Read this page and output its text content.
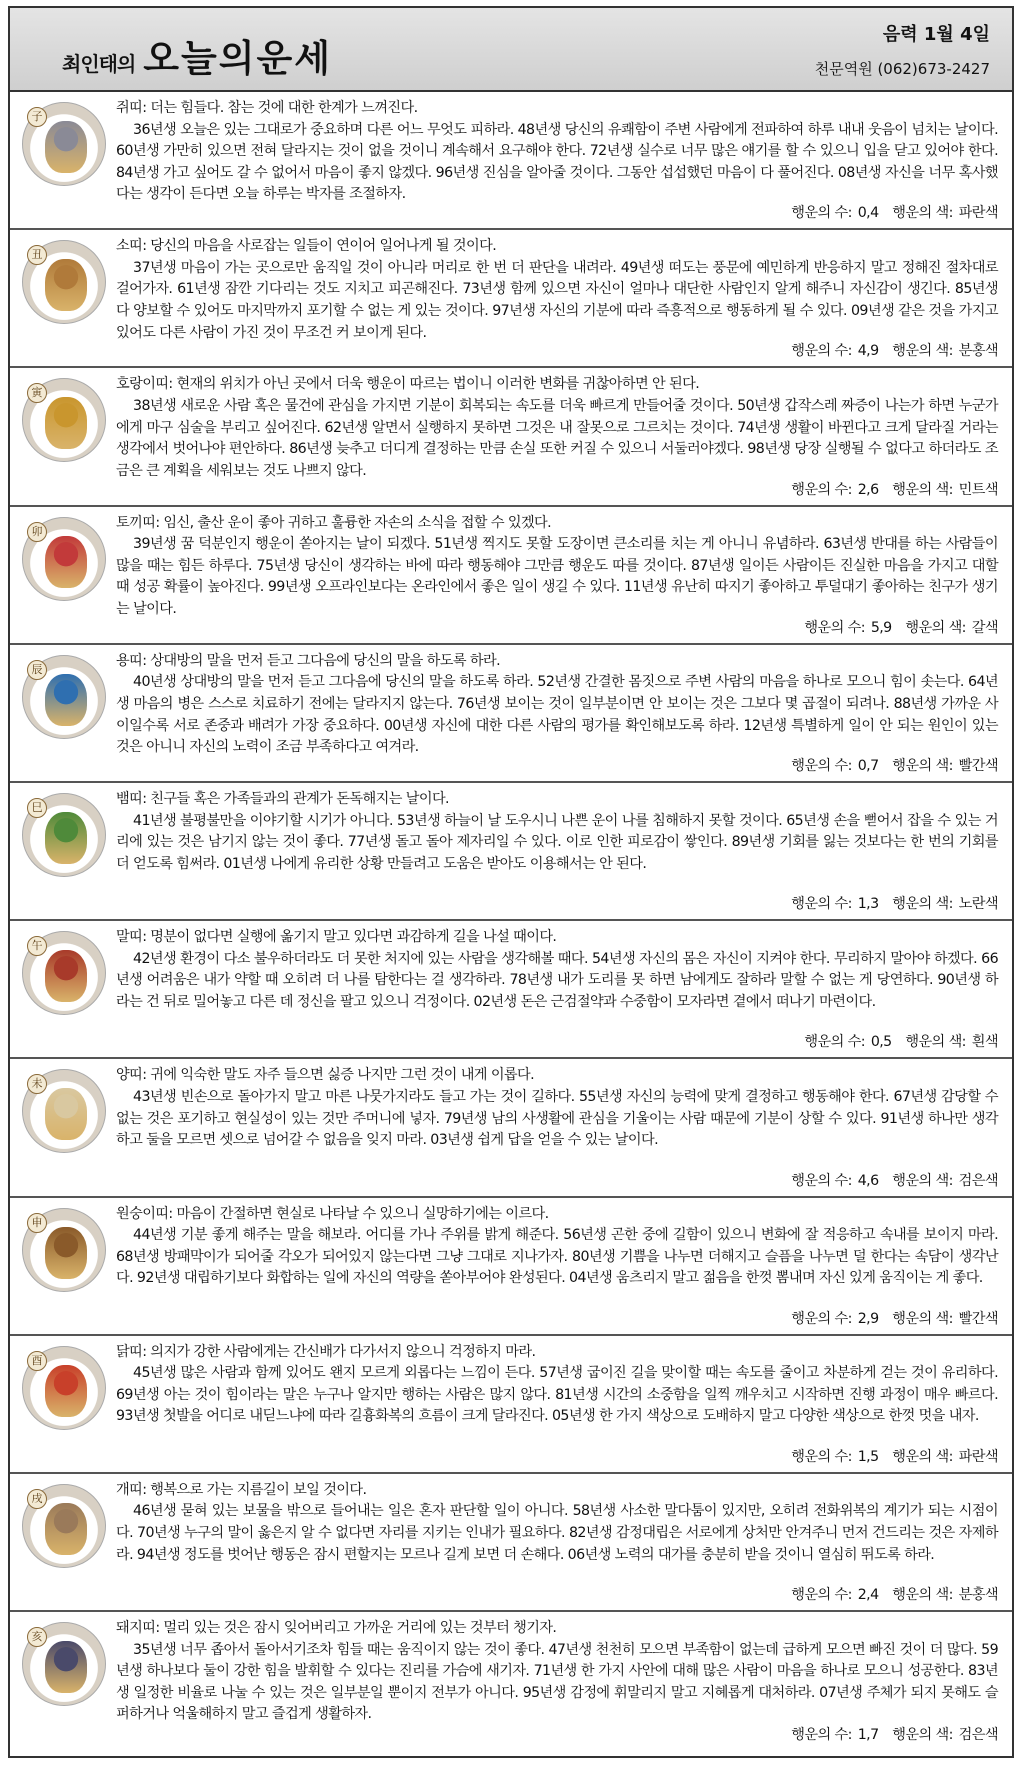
최인태의 오늘의운세
음력 1월 4일
천문역원 (062)673-2427
子
쥐띠: 더는 힘들다. 참는 것에 대한 한계가 느껴진다.
36년생 오늘은 있는 그대로가 중요하며 다른 어느 무엇도 피하라. 48년생 당신의 유쾌함이 주변 사람에게 전파하여 하루 내내 웃음이 넘치는 날이다. 60년생 가만히 있으면 전혀 달라지는 것이 없을 것이니 계속해서 요구해야 한다. 72년생 실수로 너무 많은 얘기를 할 수 있으니 입을 닫고 있어야 한다. 84년생 가고 싶어도 갈 수 없어서 마음이 좋지 않겠다. 96년생 진심을 알아줄 것이다. 그동안 섭섭했던 마음이 다 풀어진다. 08년생 자신을 너무 혹사했다는 생각이 든다면 오늘 하루는 박자를 조절하자.
행운의 수: 0,4 행운의 색: 파란색
丑
소띠: 당신의 마음을 사로잡는 일들이 연이어 일어나게 될 것이다.
37년생 마음이 가는 곳으로만 움직일 것이 아니라 머리로 한 번 더 판단을 내려라. 49년생 떠도는 풍문에 예민하게 반응하지 말고 정해진 절차대로 걸어가자. 61년생 잠깐 기다리는 것도 지치고 피곤해진다. 73년생 함께 있으면 자신이 얼마나 대단한 사람인지 알게 해주니 자신감이 생긴다. 85년생 다 양보할 수 있어도 마지막까지 포기할 수 없는 게 있는 것이다. 97년생 자신의 기분에 따라 즉흥적으로 행동하게 될 수 있다. 09년생 같은 것을 가지고 있어도 다른 사람이 가진 것이 무조건 커 보이게 된다.
행운의 수: 4,9 행운의 색: 분홍색
寅
호랑이띠: 현재의 위치가 아닌 곳에서 더욱 행운이 따르는 법이니 이러한 변화를 귀찮아하면 안 된다.
38년생 새로운 사람 혹은 물건에 관심을 가지면 기분이 회복되는 속도를 더욱 빠르게 만들어줄 것이다. 50년생 갑작스레 짜증이 나는가 하면 누군가에게 마구 심술을 부리고 싶어진다. 62년생 알면서 실행하지 못하면 그것은 내 잘못으로 그르치는 것이다. 74년생 생활이 바뀐다고 크게 달라질 거라는 생각에서 벗어나야 편안하다. 86년생 늦추고 더디게 결정하는 만큼 손실 또한 커질 수 있으니 서둘러야겠다. 98년생 당장 실행될 수 없다고 하더라도 조금은 큰 계획을 세워보는 것도 나쁘지 않다.
행운의 수: 2,6 행운의 색: 민트색
卯
토끼띠: 임신, 출산 운이 좋아 귀하고 훌륭한 자손의 소식을 접할 수 있겠다.
39년생 꿈 덕분인지 행운이 쏟아지는 날이 되겠다. 51년생 찍지도 못할 도장이면 큰소리를 치는 게 아니니 유념하라. 63년생 반대를 하는 사람들이 많을 때는 힘든 하루다. 75년생 당신이 생각하는 바에 따라 행동해야 그만큼 행운도 따를 것이다. 87년생 일이든 사람이든 진실한 마음을 가지고 대할 때 성공 확률이 높아진다. 99년생 오프라인보다는 온라인에서 좋은 일이 생길 수 있다. 11년생 유난히 따지기 좋아하고 투덜대기 좋아하는 친구가 생기는 날이다.
행운의 수: 5,9 행운의 색: 갈색
辰
용띠: 상대방의 말을 먼저 듣고 그다음에 당신의 말을 하도록 하라.
40년생 상대방의 말을 먼저 듣고 그다음에 당신의 말을 하도록 하라. 52년생 간결한 몸짓으로 주변 사람의 마음을 하나로 모으니 힘이 솟는다. 64년생 마음의 병은 스스로 치료하기 전에는 달라지지 않는다. 76년생 보이는 것이 일부분이면 안 보이는 것은 그보다 몇 곱절이 되려나. 88년생 가까운 사이일수록 서로 존중과 배려가 가장 중요하다. 00년생 자신에 대한 다른 사람의 평가를 확인해보도록 하라. 12년생 특별하게 일이 안 되는 원인이 있는 것은 아니니 자신의 노력이 조금 부족하다고 여겨라.
행운의 수: 0,7 행운의 색: 빨간색
巳
뱀띠: 친구들 혹은 가족들과의 관계가 돈독해지는 날이다.
41년생 불평불만을 이야기할 시기가 아니다. 53년생 하늘이 날 도우시니 나쁜 운이 나를 침해하지 못할 것이다. 65년생 손을 뻗어서 잡을 수 있는 거리에 있는 것은 남기지 않는 것이 좋다. 77년생 돌고 돌아 제자리일 수 있다. 이로 인한 피로감이 쌓인다. 89년생 기회를 잃는 것보다는 한 번의 기회를 더 얻도록 힘써라. 01년생 나에게 유리한 상황 만들려고 도움은 받아도 이용해서는 안 된다.
행운의 수: 1,3 행운의 색: 노란색
午
말띠: 명분이 없다면 실행에 옮기지 말고 있다면 과감하게 길을 나설 때이다.
42년생 환경이 다소 불우하더라도 더 못한 처지에 있는 사람을 생각해볼 때다. 54년생 자신의 몸은 자신이 지켜야 한다. 무리하지 말아야 하겠다. 66년생 어려움은 내가 약할 때 오히려 더 나를 탐한다는 걸 생각하라. 78년생 내가 도리를 못 하면 남에게도 잘하라 말할 수 없는 게 당연하다. 90년생 하라는 건 뒤로 밀어놓고 다른 데 정신을 팔고 있으니 걱정이다. 02년생 돈은 근검절약과 수중함이 모자라면 곁에서 떠나기 마련이다.
행운의 수: 0,5 행운의 색: 흰색
未
양띠: 귀에 익숙한 말도 자주 들으면 싫증 나지만 그런 것이 내게 이롭다.
43년생 빈손으로 돌아가지 말고 마른 나뭇가지라도 들고 가는 것이 길하다. 55년생 자신의 능력에 맞게 결정하고 행동해야 한다. 67년생 감당할 수 없는 것은 포기하고 현실성이 있는 것만 주머니에 넣자. 79년생 남의 사생활에 관심을 기울이는 사람 때문에 기분이 상할 수 있다. 91년생 하나만 생각하고 둘을 모르면 셋으로 넘어갈 수 없음을 잊지 마라. 03년생 쉽게 답을 얻을 수 있는 날이다.
행운의 수: 4,6 행운의 색: 검은색
申
원숭이띠: 마음이 간절하면 현실로 나타날 수 있으니 실망하기에는 이르다.
44년생 기분 좋게 해주는 말을 해보라. 어디를 가나 주위를 밝게 해준다. 56년생 곤한 중에 길함이 있으니 변화에 잘 적응하고 속내를 보이지 마라. 68년생 방패막이가 되어줄 각오가 되어있지 않는다면 그냥 그대로 지나가자. 80년생 기쁨을 나누면 더해지고 슬픔을 나누면 덜 한다는 속담이 생각난다. 92년생 대립하기보다 화합하는 일에 자신의 역량을 쏟아부어야 완성된다. 04년생 움츠리지 말고 젊음을 한껏 뽐내며 자신 있게 움직이는 게 좋다.
행운의 수: 2,9 행운의 색: 빨간색
酉
닭띠: 의지가 강한 사람에게는 간신배가 다가서지 않으니 걱정하지 마라.
45년생 많은 사람과 함께 있어도 왠지 모르게 외롭다는 느낌이 든다. 57년생 굽이진 길을 맞이할 때는 속도를 줄이고 차분하게 걷는 것이 유리하다. 69년생 아는 것이 힘이라는 말은 누구나 알지만 행하는 사람은 많지 않다. 81년생 시간의 소중함을 일찍 깨우치고 시작하면 진행 과정이 매우 빠르다. 93년생 첫발을 어디로 내딛느냐에 따라 길흉화복의 흐름이 크게 달라진다. 05년생 한 가지 색상으로 도배하지 말고 다양한 색상으로 한껏 멋을 내자.
행운의 수: 1,5 행운의 색: 파란색
戌
개띠: 행복으로 가는 지름길이 보일 것이다.
46년생 묻혀 있는 보물을 밖으로 들어내는 일은 혼자 판단할 일이 아니다. 58년생 사소한 말다툼이 있지만, 오히려 전화위복의 계기가 되는 시점이다. 70년생 누구의 말이 옳은지 알 수 없다면 자리를 지키는 인내가 필요하다. 82년생 감정대립은 서로에게 상처만 안겨주니 먼저 건드리는 것은 자제하라. 94년생 정도를 벗어난 행동은 잠시 편할지는 모르나 길게 보면 더 손해다. 06년생 노력의 대가를 충분히 받을 것이니 열심히 뛰도록 하라.
행운의 수: 2,4 행운의 색: 분홍색
亥
돼지띠: 멀리 있는 것은 잠시 잊어버리고 가까운 거리에 있는 것부터 챙기자.
35년생 너무 좁아서 돌아서기조차 힘들 때는 움직이지 않는 것이 좋다. 47년생 천천히 모으면 부족함이 없는데 급하게 모으면 빠진 것이 더 많다. 59년생 하나보다 둘이 강한 힘을 발휘할 수 있다는 진리를 가슴에 새기자. 71년생 한 가지 사안에 대해 많은 사람이 마음을 하나로 모으니 성공한다. 83년생 일정한 비율로 나눌 수 있는 것은 일부분일 뿐이지 전부가 아니다. 95년생 감정에 휘말리지 말고 지혜롭게 대처하라. 07년생 주체가 되지 못해도 슬퍼하거나 억울해하지 말고 즐겁게 생활하자.
행운의 수: 1,7 행운의 색: 검은색
